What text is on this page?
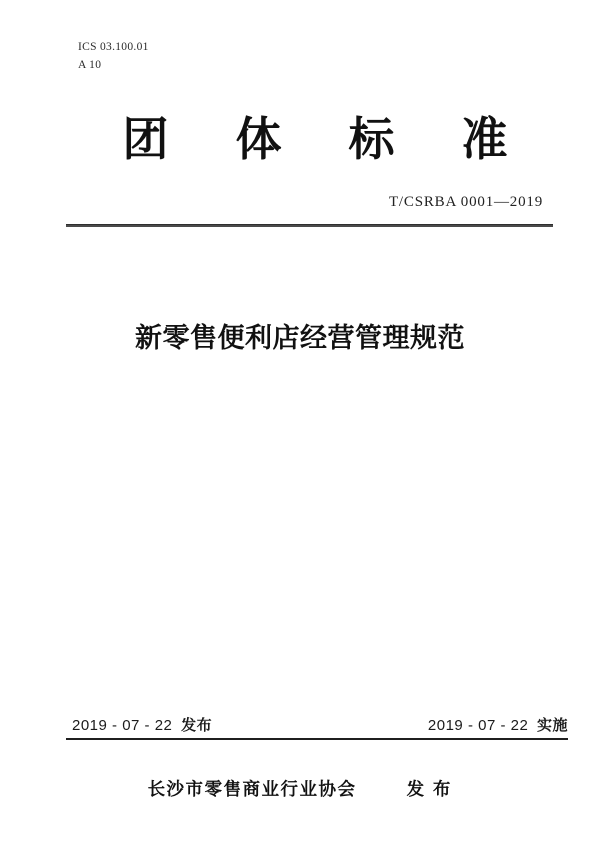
ICS 03.100.01
A 10
团 体 标 准
T/CSRBA 0001—2019
新零售便利店经营管理规范
2019 - 07 - 22 发布	2019 - 07 - 22 实施
长沙市零售商业行业协会	发 布
